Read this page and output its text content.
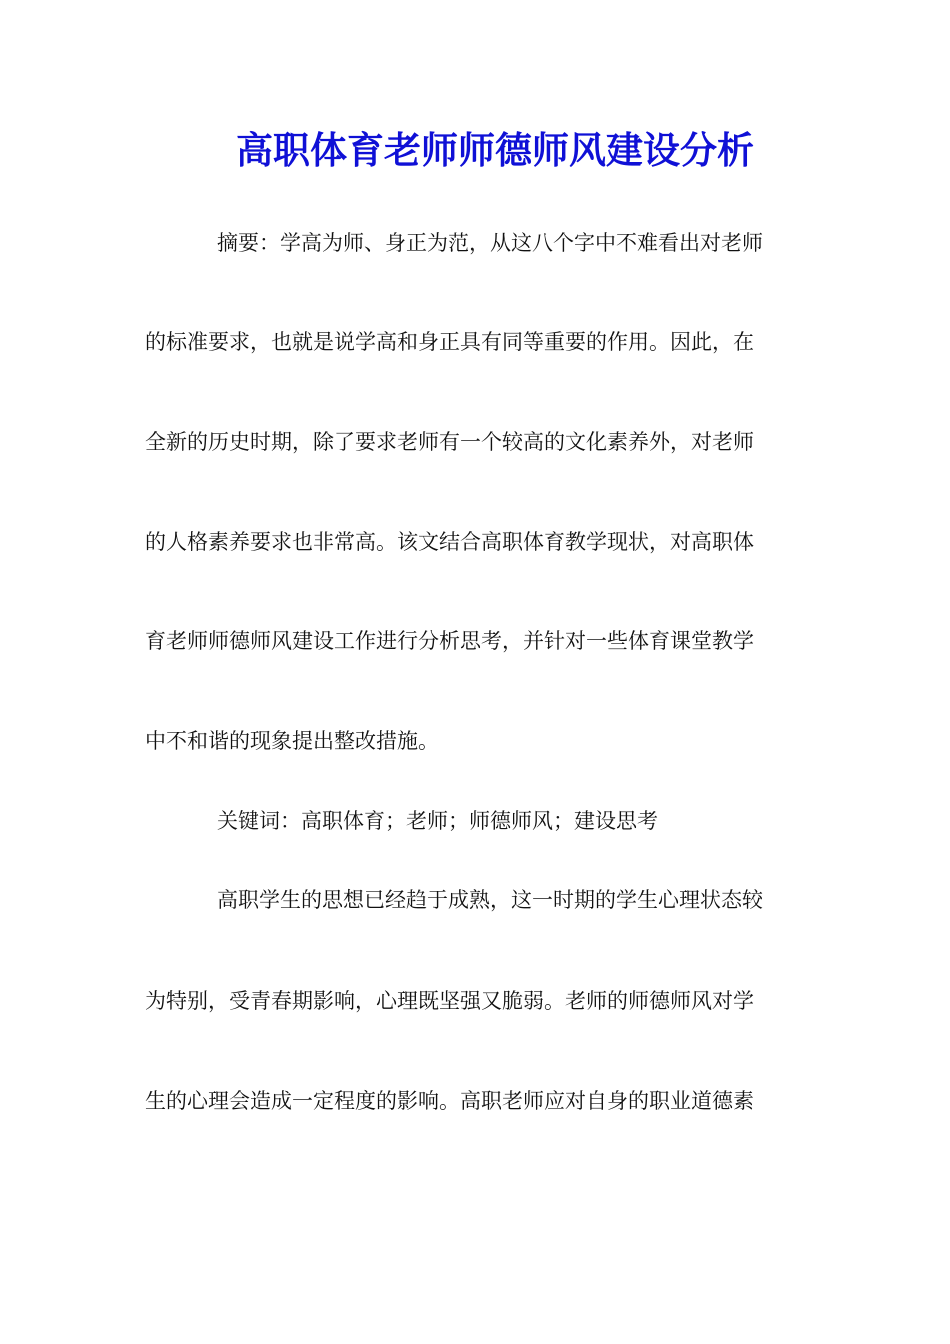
高职体育老师师德师风建设分析
摘要：学高为师、身正为范，从这八个字中不难看出对老师
的标准要求，也就是说学高和身正具有同等重要的作用。因此，在
全新的历史时期，除了要求老师有一个较高的文化素养外，对老师
的人格素养要求也非常高。该文结合高职体育教学现状，对高职体
育老师师德师风建设工作进行分析思考，并针对一些体育课堂教学
中不和谐的现象提出整改措施。
关键词：高职体育；老师；师德师风；建设思考
高职学生的思想已经趋于成熟，这一时期的学生心理状态较
为特别，受青春期影响，心理既坚强又脆弱。老师的师德师风对学
生的心理会造成一定程度的影响。高职老师应对自身的职业道德素
